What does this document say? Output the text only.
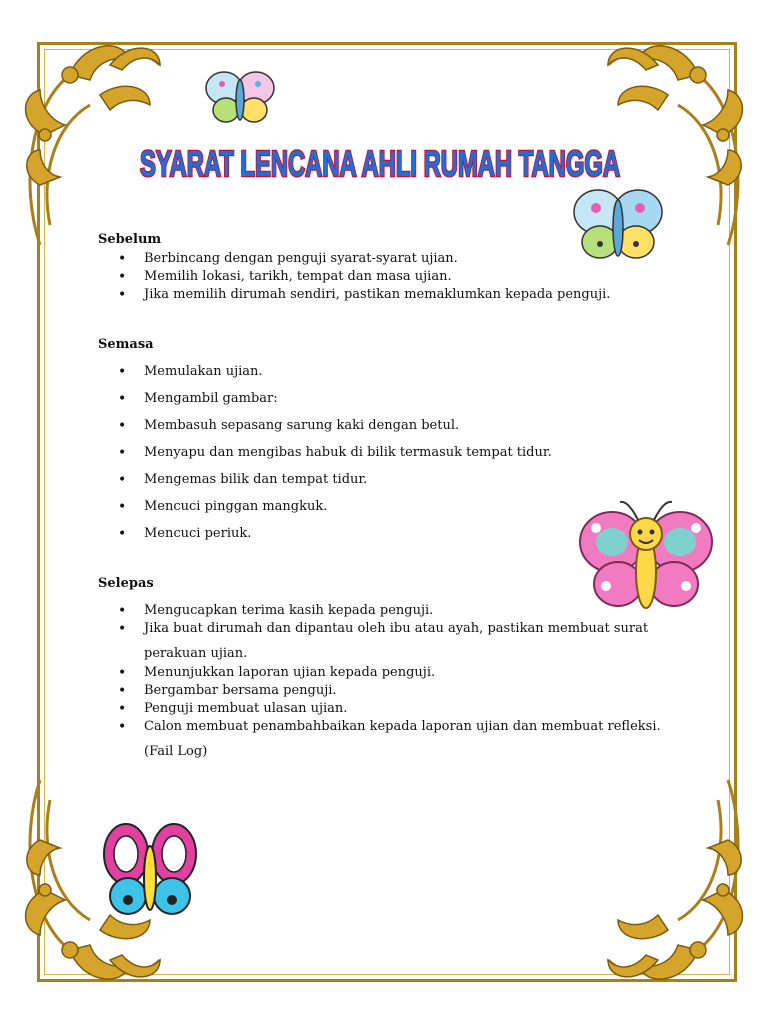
SYARAT LENCANA AHLI RUMAH TANGGA
Sebelum
• Berbincang dengan penguji syarat-syarat ujian.
• Memilih lokasi, tarikh, tempat dan masa ujian.
• Jika memilih dirumah sendiri, pastikan memaklumkan kepada penguji.
Semasa
• Memulakan ujian.
• Mengambil gambar:
• Membasuh sepasang sarung kaki dengan betul.
• Menyapu dan mengibas habuk di bilik termasuk tempat tidur.
• Mengemas bilik dan tempat tidur.
• Mencuci pinggan mangkuk.
• Mencuci periuk.
Selepas
• Mengucapkan terima kasih kepada penguji.
• Jika buat dirumah dan dipantau oleh ibu atau ayah, pastikan membuat surat
perakuan ujian.
• Menunjukkan laporan ujian kepada penguji.
• Bergambar bersama penguji.
• Penguji membuat ulasan ujian.
• Calon membuat penambahbaikan kepada laporan ujian dan membuat refleksi.
(Fail Log)
